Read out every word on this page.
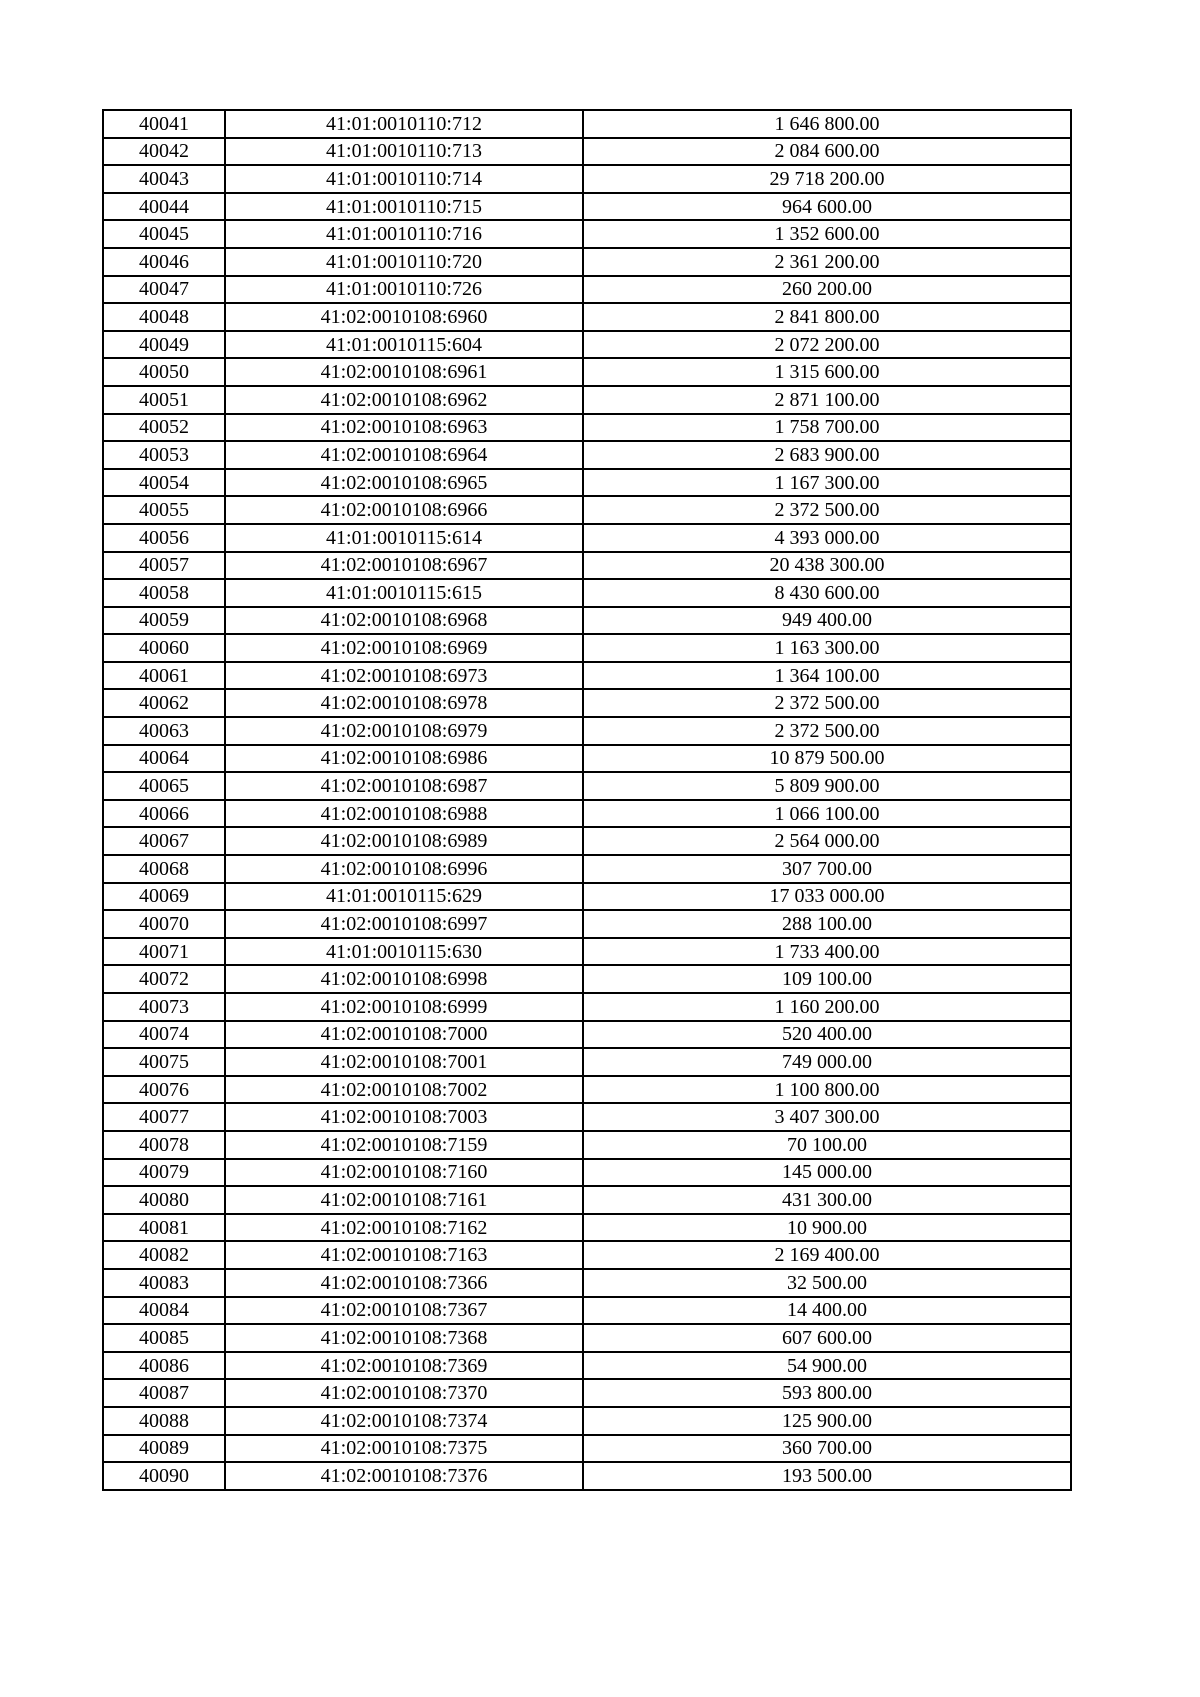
40041	41:01:0010110:712	1 646 800.00
40042	41:01:0010110:713	2 084 600.00
40043	41:01:0010110:714	29 718 200.00
40044	41:01:0010110:715	964 600.00
40045	41:01:0010110:716	1 352 600.00
40046	41:01:0010110:720	2 361 200.00
40047	41:01:0010110:726	260 200.00
40048	41:02:0010108:6960	2 841 800.00
40049	41:01:0010115:604	2 072 200.00
40050	41:02:0010108:6961	1 315 600.00
40051	41:02:0010108:6962	2 871 100.00
40052	41:02:0010108:6963	1 758 700.00
40053	41:02:0010108:6964	2 683 900.00
40054	41:02:0010108:6965	1 167 300.00
40055	41:02:0010108:6966	2 372 500.00
40056	41:01:0010115:614	4 393 000.00
40057	41:02:0010108:6967	20 438 300.00
40058	41:01:0010115:615	8 430 600.00
40059	41:02:0010108:6968	949 400.00
40060	41:02:0010108:6969	1 163 300.00
40061	41:02:0010108:6973	1 364 100.00
40062	41:02:0010108:6978	2 372 500.00
40063	41:02:0010108:6979	2 372 500.00
40064	41:02:0010108:6986	10 879 500.00
40065	41:02:0010108:6987	5 809 900.00
40066	41:02:0010108:6988	1 066 100.00
40067	41:02:0010108:6989	2 564 000.00
40068	41:02:0010108:6996	307 700.00
40069	41:01:0010115:629	17 033 000.00
40070	41:02:0010108:6997	288 100.00
40071	41:01:0010115:630	1 733 400.00
40072	41:02:0010108:6998	109 100.00
40073	41:02:0010108:6999	1 160 200.00
40074	41:02:0010108:7000	520 400.00
40075	41:02:0010108:7001	749 000.00
40076	41:02:0010108:7002	1 100 800.00
40077	41:02:0010108:7003	3 407 300.00
40078	41:02:0010108:7159	70 100.00
40079	41:02:0010108:7160	145 000.00
40080	41:02:0010108:7161	431 300.00
40081	41:02:0010108:7162	10 900.00
40082	41:02:0010108:7163	2 169 400.00
40083	41:02:0010108:7366	32 500.00
40084	41:02:0010108:7367	14 400.00
40085	41:02:0010108:7368	607 600.00
40086	41:02:0010108:7369	54 900.00
40087	41:02:0010108:7370	593 800.00
40088	41:02:0010108:7374	125 900.00
40089	41:02:0010108:7375	360 700.00
40090	41:02:0010108:7376	193 500.00
